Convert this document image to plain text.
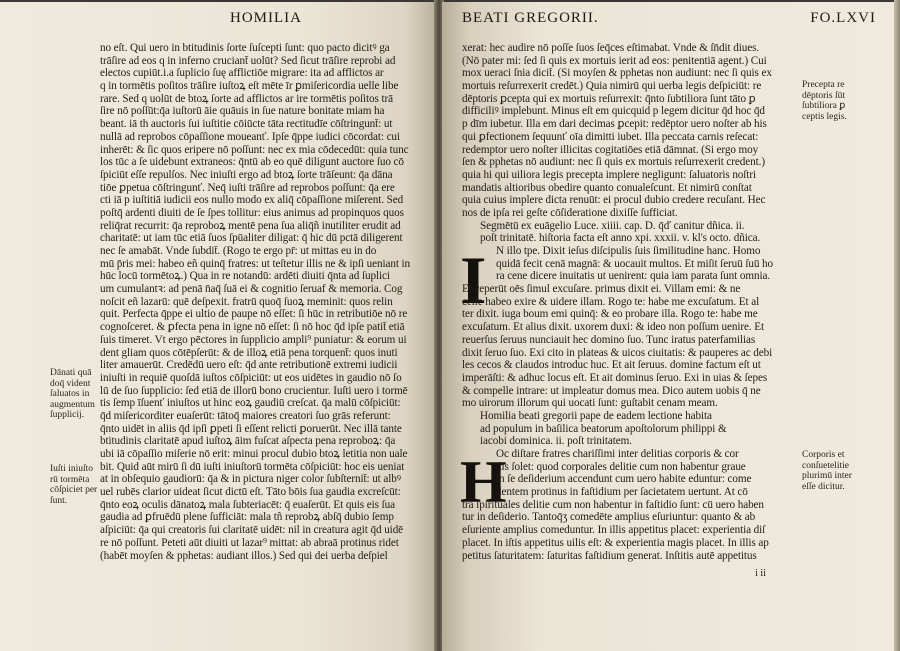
HOMILIA
no eſt. Qui uero in btitudinis ſorte ſuſcepti ſunt: quo pacto dicitꝰ ga
trāſire ad eos q in inferno cruciant̄ uolūt? Sed ſicut trāſire reprobi ad
electos cupiūt.i.a ſuplicio ſuę afflictiōe migrare: ita ad afflictos ar
q in tormētis poſitos trāſire iuſtoꝝ eſt mēte īr ꝑmiſericordia uelle libe
rare. Sed q uolūt de btoꝝ ſorte ad afflictos ar ire tormētis poſitos trā
ſire nō poſſūt:q̄a iuſtorū āie quāuis in ſue nature bonitate miam ha
beant. iā th auctoris ſui iuſtitie cōiūcte tāta rectitudīe cōſtringunt̄: ut
nullā ad reprobos cōpaſſione moueanť. Ipſe q̄ppe iudici cōcordat: cui
inherēt: & ſic quos eripere nō poſſunt: nec ex mia cōdecedūt: quia tunc
los tūc a ſe uidebunt extraneos: q̄ntū ab eo quē diligunt auctore ſuo cō
ſpiciūt eſſe repulſos. Nec iniuſti ergo ad btoꝝ ſorte trāſeunt: q̄a dāna
tiōe ꝑpetua cōſtringunť. Neq̄ iuſti trāſire ad reprobos poſſunt: q̄a ere
cti iā p iuſtitiā iudicii eos nullo modo ex aliq̄ cōpaſſione miſerent. Sed
poſtq̄ ardenti diuiti de ſe ſpes tollitur: eius animus ad propinquos quos
reliq̄rat recurrit: q̄a reproboꝝ mentē pena ſua aliq̄ñ inutiliter erudit ad
charitatē: ut iam tūc etiā ſuos ſpūaliter diligat: q̄ hic dū pctā diligerent
nec ſe amabāt. Vnde ſubdit̄. (Rogo te ergo pr̄: ut mittas eu in do
mū p̄ris mei: habeo eñ quinq̄ fratres: ut teſtetur illis ne & ipſi ueniant in
hūc locū tormētoꝝ.) Qua in re notandū: ardēti diuiti q̄nta ad ſuplici
um cumulantꝛ: ad penā n̄aq̄ ſuā ei & cognitio ſeruaf & memoria. Cog
noſcit eñ lazarū: quē deſpexit. fratrū quoq̄ ſuoꝝ meminit: quos relin
quit. Perfecta q̄ppe ei ultio de paupe nō eſſet: ſi hūc in retributiōe nō re
cognoſceret. & ꝑfecta pena in igne nō eſſet: ſi nō hoc q̄d ipſe patit̄ etiā
ſuis timeret. Vt ergo pēctores in ſupplicio ampli⁹ puniatur: & eorum ui
dent gliam quos cōtēpſerūt: & de illoꝝ etiā pena torquent̄: quos inuti
liter amauerūt. Credēdū uero eſt: q̄d ante retributionē extremi iudicii
iniuſti in requiē quoſdā iuſtos cōſpiciūt: ut eos uidētes in gaudio nō ſo
lū de ſuo ſupplicio: ſed etiā de illorū bono crucientur. Iuſti uero i tormē
tis ſemp īſuenť iniuſtos ut hinc eoꝝ gaudiū creſcat. q̄a malū cōſpiciūt:
q̄d miſericorditer euaſerūt: tātoq̄ maiores creatori ſuo grās referunt:
q̄nto uidēt in aliis q̄d ipſi ꝑpeti ſi eſſent relicti ꝑoruerūt. Nec illā tante
btitudinis claritatē apud iuſtoꝝ āim fuſcat aſpecta pena reproboꝝ: q̄a
ubi iā cōpaſſio miſerie nō erit: minui procul dubio btoꝝ letitia non uale
bit. Quid aūt mirū ſi dū iuſti iniuſtorū tormēta cōſpiciūt: hoc eis ueniat
at in obſequio gaudiorū: q̄a & in pictura niger color ſubſternit̄: ut albꝰ
uel rubēs clarior uideat ſicut dictū eſt. Tāto bōis ſua gaudia excreſcūt:
q̄nto eoꝝ oculis dānatoꝝ mala ſubteriacēt: q̄ euaſerūt. Et quis eis ſua
gaudia ad ꝑfruēdū plene ſufficiāt: mala tñ reprobꝝ abſq̄ dubio ſemp
aſpiciūt: q̄a qui creatoris ſui claritatē uidēt: nil in creatura agit q̄d uidē
re nō poſſunt. Peteti aūt diuiti ut lazar⁹ mittat: ab abraā protinus ridet
(habēt moyſen & pphetas: audiant illos.) Sed qui dei uerba deſpiel
Dānati quā
doq̄ vident
ſaluatos in
augmentum
ſupplicij.
Iuſti iniuſto
rū tormēta
cōſpiciet per
ſunt.
BEATI GREGORII.	FO.LXVI
I
H
xerat: hec audire nō poſſe ſuos ſeq̄ces eſtimabat. Vnde & ſn̄dit diues.
(Nō pater mi: ſed ſi quis ex mortuis ierit ad eos: penitentiā agent.) Cui
mox ueraci ſnia dicit̄. (Si moyſen & pphetas non audiunt: nec ſi quis ex
mortuis reſurrexerit credēt.) Quia nimirū qui uerba legis deſpiciūt: re
dēptoris ꝑcepta qui ex mortuis reſurrexit: q̄nto ſubtiliora ſunt tāto ꝑ
difficiliꝰ implebunt. Minus eſt em quicquid p legem dicitur q̄d hoc q̄d
p dīm iubetur. Illa em dari decimas ꝑcepit: redēptor uero noſter ab his
qui ꝑfectionem ſequunť oīa dimitti iubet. Illa peccata carnis reſecat:
redemptor uero noſter illicitas cogitatiōes etiā dāmnat. (Si ergo moy
ſen & pphetas nō audiunt: nec ſi quis ex mortuis reſurrexerit credent.)
quia hi qui uiliora legis precepta implere negligunt: ſaluatoris noſtri
mandatis altioribus obedire quanto conualeſcunt. Et nimirū conſtat
quia cuius implere dicta renuūt: ei procul dubio credere recuſant. Hec
nos de ipſa rei geſte cōſideratione dixiſſe ſufficiat.
Segmētū ex euāgelio Luce. xiiii. cap. D. q̄ď canitur dñica. ii.
poſt trinitatē. hiſtoria facta eſt anno xpi. xxxii. v. kl's octo. dñica.
N illo tpe. Dixit ieſus diſcipulis ſuis ſimilitudine hanc. Homo
quidā fecit cenā magnā: & uocauit multos. Et miſit ſeruū ſuū ho
ra cene dicere inuitatis ut uenirent: quia iam parata ſunt omnia.
Et ceperūt oēs ſimul excuſare. primus dixit ei. Villam emi: & ne
ceſſe habeo exire & uidere illam. Rogo te: habe me excuſatum. Et al
ter dixit. iuga boum emi quinq̄: & eo probare illa. Rogo te: habe me
excuſatum. Et alius dixit. uxorem duxi: & ideo non poſſum uenire. Et
reuerſus ſeruus nunciauit hec domino ſuo. Tunc iratus paterfamilias
dixit ſeruo ſuo. Exi cito in plateas & uicos ciuitatis: & pauperes ac debi
les cecos & claudos introduc huc. Et ait ſeruus. domine factum eſt ut
imperāſti: & adhuc locus eſt. Et ait dominus ſeruo. Exi in uias & ſepes
& compelle intrare: ut impleatur domus mea. Dico autem uobis q̄ ne
mo uirorum illorum qui uocati ſunt: guſtabit cenam meam.
Homilia beati gregorii pape de eadem lectione habita
ad populum in baſilica beatorum apoſtolorum philippi &
iacobi dominica. ii. poſt trinitatem.
Oc diſtare fratres chariſſimi inter delitias corporis & cor
dis ſolet: quod corporales delitie cum non habentur graue
in ſe deſiderium accendunt cum uero habite eduntur: come
dentem protinus in faſtidium per ſacietatem uertunt. At cō
tra ſpirituales delitie cum non habentur in faſtidio ſunt: cū uero haben
tur in deſiderio. Tantoq̄ʒ comedēte amplius eſuriuntur: quanto & ab
eſuriente amplius comeduntur. In illis appetitus placet: experientia diſ
placet. In iſtis appetitus uilis eſt: & experientia magis placet. In illis ap
petitus ſaturitatem: ſaturitas faſtidium generat. Inſtitis autē appetitus
Precepta re
dēptoris ſūt
ſubtiliora ꝑ
ceptis legis.
Corporis et
conſuetelitie
plurimū inter
eſſe dicitur.
i ii
